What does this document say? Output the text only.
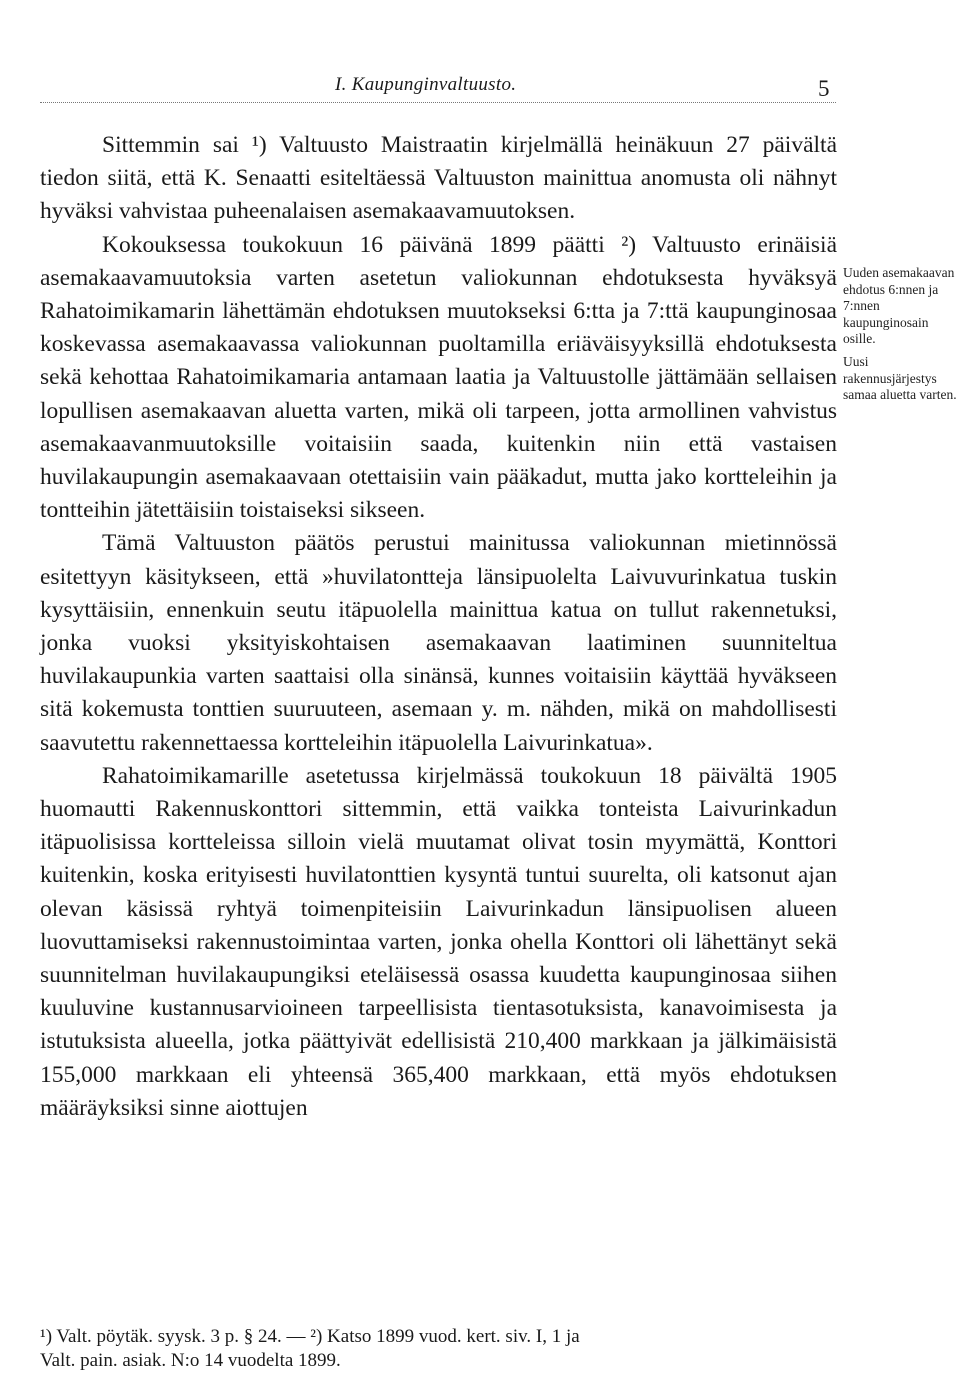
I. Kaupunginvaltuusto.	5

Sittemmin sai ¹) Valtuusto Maistraatin kirjelmällä heinäkuun 27 päivältä tiedon siitä, että K. Senaatti esiteltäessä Valtuuston mainittua anomusta oli nähnyt hyväksi vahvistaa puheenalaisen asemakaavamuutoksen.

Kokouksessa toukokuun 16 päivänä 1899 päätti ²) Valtuusto erinäisiä asemakaavamuutoksia varten asetetun valiokunnan ehdotuksesta hyväksyä Rahatoimikamarin lähettämän ehdotuksen muutokseksi 6:tta ja 7:ttä kaupunginosaa koskevassa asemakaavassa valiokunnan puoltamilla eriäväisyyksillä ehdotuksesta sekä kehottaa Rahatoimikamaria antamaan laatia ja Valtuustolle jättämään sellaisen lopullisen asemakaavan aluetta varten, mikä oli tarpeen, jotta armollinen vahvistus asemakaavanmuutoksille voitaisiin saada, kuitenkin niin että vastaisen huvilakaupungin asemakaavaan otettaisiin vain pääkadut, mutta jako kortteleihin ja tontteihin jätettäisiin toistaiseksi sikseen.

Tämä Valtuuston päätös perustui mainitussa valiokunnan mietinnössä esitettyyn käsitykseen, että »huvilatontteja länsipuolelta Laivuvurinkatua tuskin kysyttäisiin, ennenkuin seutu itäpuolella mainittua katua on tullut rakennetuksi, jonka vuoksi yksityiskohtaisen asemakaavan laatiminen suunniteltua huvilakaupunkia varten saattaisi olla sinänsä, kunnes voitaisiin käyttää hyväkseen sitä kokemusta tonttien suuruuteen, asemaan y. m. nähden, mikä on mahdollisesti saavutettu rakennettaessa kortteleihin itäpuolella Laivurinkatua».

Rahatoimikamarille asetetussa kirjelmässä toukokuun 18 päivältä 1905 huomautti Rakennuskonttori sittemmin, että vaikka tonteista Laivurinkadun itäpuolisissa kortteleissa silloin vielä muutamat olivat tosin myymättä, Konttori kuitenkin, koska erityisesti huvilatonttien kysyntä tuntui suurelta, oli katsonut ajan olevan käsissä ryhtyä toimenpiteisiin Laivurinkadun länsipuolisen alueen luovuttamiseksi rakennustoimintaa varten, jonka ohella Konttori oli lähettänyt sekä suunnitelman huvilakaupungiksi eteläisessä osassa kuudetta kaupunginosaa siihen kuuluvine kustannusarvioineen tarpeellisista tientasotuksista, kanavoimisesta ja istutuksista alueella, jotka päättyivät edellisistä 210,400 markkaan ja jälkimäisistä 155,000 markkaan eli yhteensä 365,400 markkaan, että myös ehdotuksen määräyksiksi sinne aiottujen

Uuden asemakaavan ehdotus 6:nnen ja 7:nnen kaupunginosain osille.
Uusi rakennusjärjestys samaa aluetta varten.
¹) Valt. pöytäk. syysk. 3 p. § 24. — ²) Katso 1899 vuod. kert. siv. I, 1 ja
Valt. pain. asiak. N:o 14 vuodelta 1899.
